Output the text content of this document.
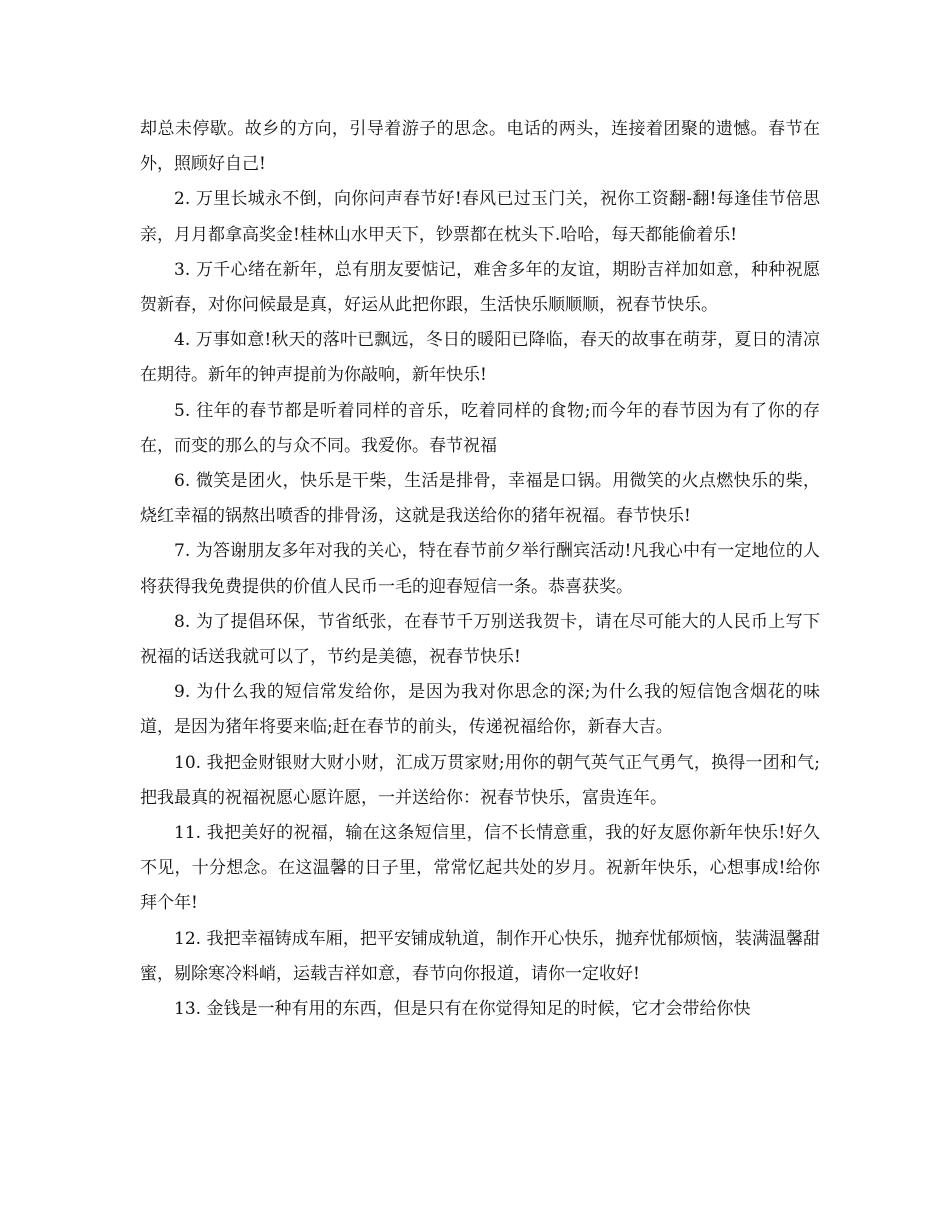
却总未停歇。故乡的方向，引导着游子的思念。电话的两头，连接着团聚的遗憾。春节在外，照顾好自己!

2. 万里长城永不倒，向你问声春节好!春风已过玉门关，祝你工资翻-翻!每逢佳节倍思亲，月月都拿高奖金!桂林山水甲天下，钞票都在枕头下.哈哈，每天都能偷着乐!

3. 万千心绪在新年，总有朋友要惦记，难舍多年的友谊，期盼吉祥加如意，种种祝愿贺新春，对你问候最是真，好运从此把你跟，生活快乐顺顺顺，祝春节快乐。

4. 万事如意!秋天的落叶已飘远，冬日的暖阳已降临，春天的故事在萌芽，夏日的清凉在期待。新年的钟声提前为你敲响，新年快乐!

5. 往年的春节都是听着同样的音乐，吃着同样的食物;而今年的春节因为有了你的存在，而变的那么的与众不同。我爱你。春节祝福

6. 微笑是团火，快乐是干柴，生活是排骨，幸福是口锅。用微笑的火点燃快乐的柴，烧红幸福的锅熬出喷香的排骨汤，这就是我送给你的猪年祝福。春节快乐!

7. 为答谢朋友多年对我的关心，特在春节前夕举行酬宾活动!凡我心中有一定地位的人将获得我免费提供的价值人民币一毛的迎春短信一条。恭喜获奖。

8. 为了提倡环保，节省纸张，在春节千万别送我贺卡，请在尽可能大的人民币上写下祝福的话送我就可以了，节约是美德，祝春节快乐!

9. 为什么我的短信常发给你，是因为我对你思念的深;为什么我的短信饱含烟花的味道，是因为猪年将要来临;赶在春节的前头，传递祝福给你，新春大吉。

10. 我把金财银财大财小财，汇成万贯家财;用你的朝气英气正气勇气，换得一团和气;把我最真的祝福祝愿心愿许愿，一并送给你：祝春节快乐，富贵连年。

11. 我把美好的祝福，输在这条短信里，信不长情意重，我的好友愿你新年快乐!好久不见，十分想念。在这温馨的日子里，常常忆起共处的岁月。祝新年快乐，心想事成!给你拜个年!

12. 我把幸福铸成车厢，把平安铺成轨道，制作开心快乐，抛弃忧郁烦恼，装满温馨甜蜜，剔除寒冷料峭，运载吉祥如意，春节向你报道，请你一定收好!

13. 金钱是一种有用的东西，但是只有在你觉得知足的时候，它才会带给你快
